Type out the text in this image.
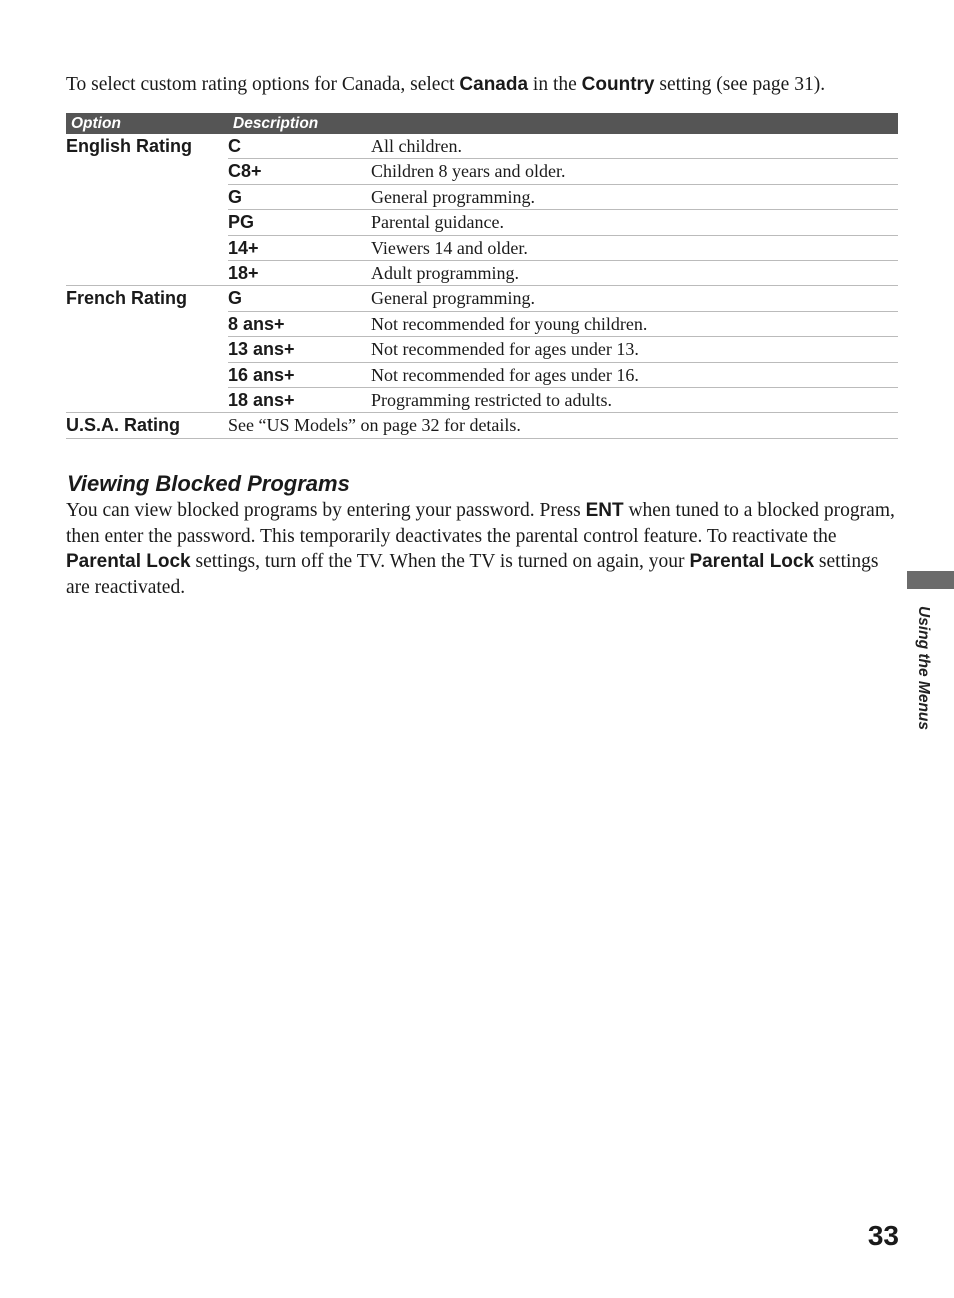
To select custom rating options for Canada, select Canada in the Country setting (see page 31).
Option	Description
English Rating C	All children.
C8+	Children 8 years and older.
G	General programming.
PG	Parental guidance.
14+	Viewers 14 and older.
18+	Adult programming.
French Rating G	General programming.
8 ans+	Not recommended for young children.
13 ans+	Not recommended for ages under 13.
16 ans+	Not recommended for ages under 16.
18 ans+	Programming restricted to adults.
U.S.A. Rating	See “US Models” on page 32 for details.
Viewing Blocked Programs
You can view blocked programs by entering your password. Press ENT when tuned to a blocked program, then enter the password. This temporarily deactivates the parental control feature. To reactivate the Parental Lock settings, turn off the TV. When the TV is turned on again, your Parental Lock settings are reactivated.
Using the Menus
33
